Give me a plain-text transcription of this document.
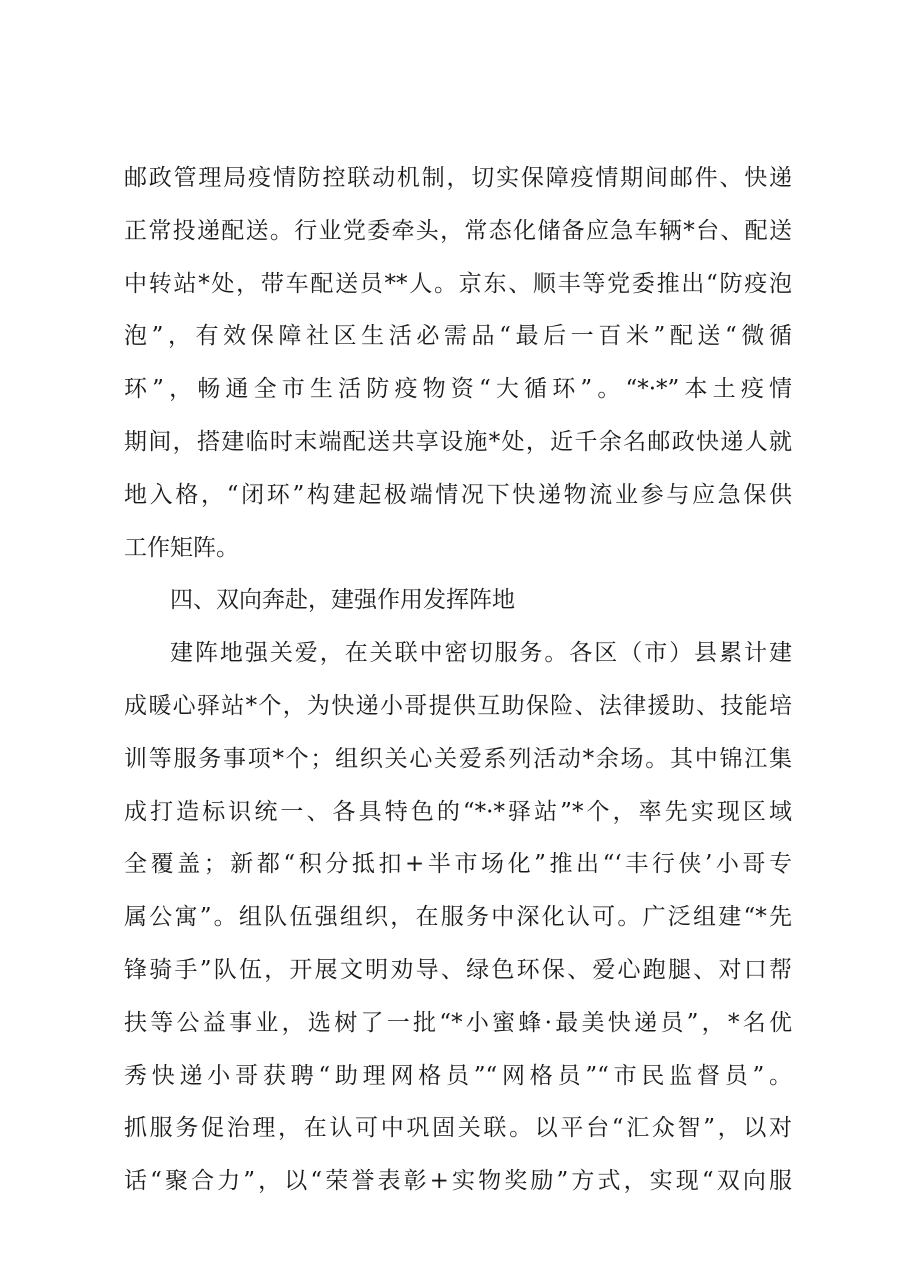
邮政管理局疫情防控联动机制，切实保障疫情期间邮件、快递
正常投递配送。行业党委牵头，常态化储备应急车辆*台、配送
中转站*处，带车配送员**人。京东、顺丰等党委推出“防疫泡
泡”，有效保障社区生活必需品“最后一百米”配送“微循
环”，畅通全市生活防疫物资“大循环”。“*·*”本土疫情
期间，搭建临时末端配送共享设施*处，近千余名邮政快递人就
地入格，“闭环”构建起极端情况下快递物流业参与应急保供
工作矩阵。
四、双向奔赴，建强作用发挥阵地
建阵地强关爱，在关联中密切服务。各区（市）县累计建
成暖心驿站*个，为快递小哥提供互助保险、法律援助、技能培
训等服务事项*个；组织关心关爱系列活动*余场。其中锦江集
成打造标识统一、各具特色的“*·*驿站”*个，率先实现区域
全覆盖；新都“积分抵扣+半市场化”推出“‘丰行侠’小哥专
属公寓”。组队伍强组织，在服务中深化认可。广泛组建“*先
锋骑手”队伍，开展文明劝导、绿色环保、爱心跑腿、对口帮
扶等公益事业，选树了一批“*小蜜蜂·最美快递员”，*名优
秀快递小哥获聘“助理网格员”“网格员”“市民监督员”。
抓服务促治理，在认可中巩固关联。以平台“汇众智”，以对
话“聚合力”，以“荣誉表彰+实物奖励”方式，实现“双向服
